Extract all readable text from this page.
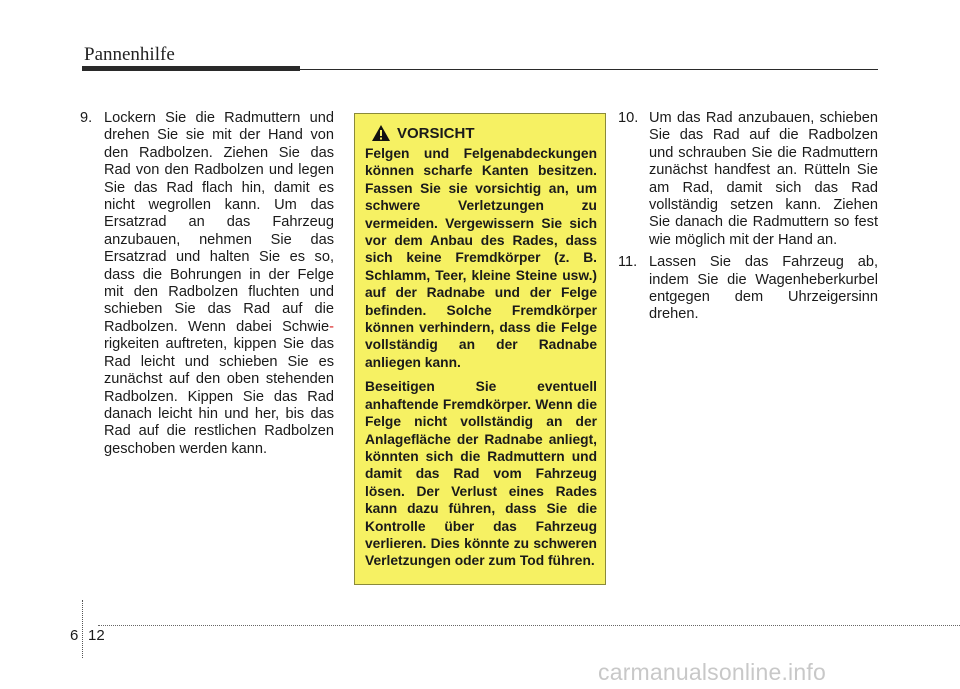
Pannenhilfe
9. Lockern Sie die Radmuttern und drehen Sie sie mit der Hand von den Radbolzen. Ziehen Sie das Rad von den Radbolzen und legen Sie das Rad flach hin, damit es nicht wegrollen kann. Um das Ersatzrad an das Fahrzeug anzubauen, nehmen Sie das Ersatzrad und halten Sie es so, dass die Bohrungen in der Felge mit den Radbolzen fluchten und schieben Sie das Rad auf die Radbolzen. Wenn dabei Schwie-rigkeiten auftreten, kippen Sie das Rad leicht und schieben Sie es zunächst auf den oben stehenden Radbolzen. Kippen Sie das Rad danach leicht hin und her, bis das Rad auf die restlichen Radbolzen geschoben werden kann.
VORSICHT

Felgen und Felgenabdeckungen können scharfe Kanten besitzen. Fassen Sie sie vorsichtig an, um schwere Verletzungen zu vermeiden. Vergewissern Sie sich vor dem Anbau des Rades, dass sich keine Fremdkörper (z. B. Schlamm, Teer, kleine Steine usw.) auf der Radnabe und der Felge befinden. Solche Fremdkörper können verhindern, dass die Felge vollständig an der Radnabe anliegen kann.

Beseitigen Sie eventuell anhaftende Fremdkörper. Wenn die Felge nicht vollständig an der Anlagefläche der Radnabe anliegt, könnten sich die Radmuttern und damit das Rad vom Fahrzeug lösen. Der Verlust eines Rades kann dazu führen, dass Sie die Kontrolle über das Fahrzeug verlieren. Dies könnte zu schweren Verletzungen oder zum Tod führen.

10. Um das Rad anzubauen, schieben Sie das Rad auf die Radbolzen und schrauben Sie die Radmuttern zunächst handfest an. Rütteln Sie am Rad, damit sich das Rad vollständig setzen kann. Ziehen Sie danach die Radmuttern so fest wie möglich mit der Hand an.
11. Lassen Sie das Fahrzeug ab, indem Sie die Wagenheberkurbel entgegen dem Uhrzeigersinn drehen.
6 12
carmanualsonline.info
